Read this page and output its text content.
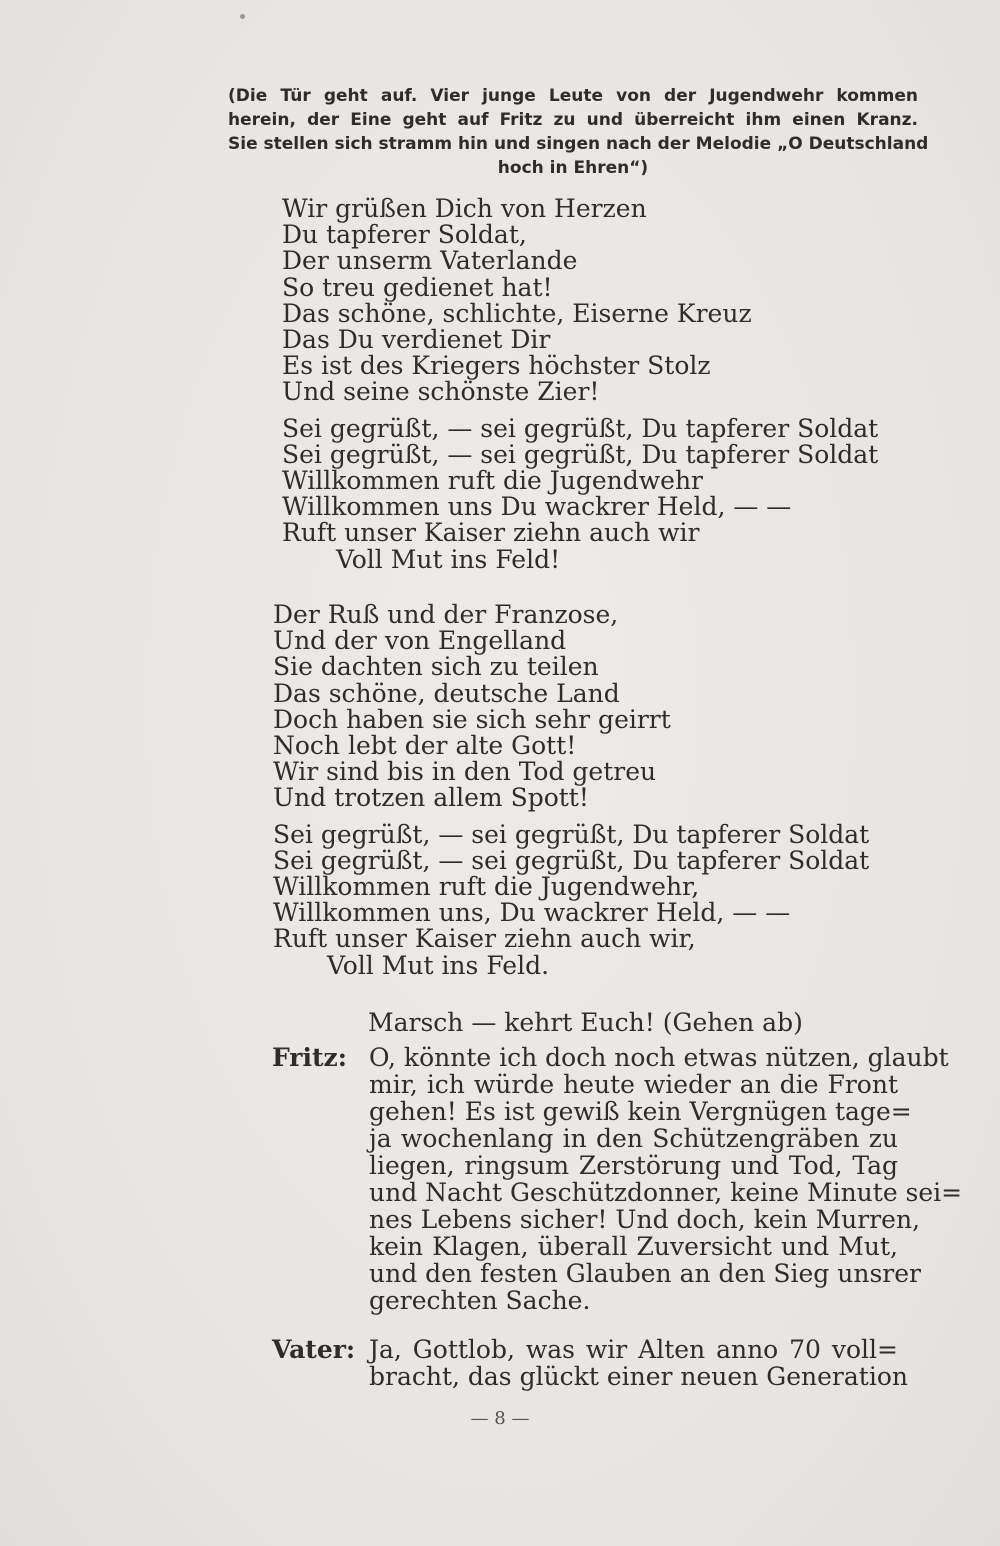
(Die Tür geht auf. Vier junge Leute von der Jugendwehr kommen
herein, der Eine geht auf Fritz zu und überreicht ihm einen Kranz.
Sie stellen sich stramm hin und singen nach der Melodie „O Deutschland
hoch in Ehren“)
Wir grüßen Dich von Herzen
Du tapferer Soldat,
Der unserm Vaterlande
So treu gedienet hat!
Das schöne, schlichte, Eiserne Kreuz
Das Du verdienet Dir
Es ist des Kriegers höchster Stolz
Und seine schönste Zier!
Sei gegrüßt, — sei gegrüßt, Du tapferer Soldat
Sei gegrüßt, — sei gegrüßt, Du tapferer Soldat
Willkommen ruft die Jugendwehr
Willkommen uns Du wackrer Held, — —
Ruft unser Kaiser ziehn auch wir
Voll Mut ins Feld!
Der Ruß und der Franzose,
Und der von Engelland
Sie dachten sich zu teilen
Das schöne, deutsche Land
Doch haben sie sich sehr geirrt
Noch lebt der alte Gott!
Wir sind bis in den Tod getreu
Und trotzen allem Spott!
Sei gegrüßt, — sei gegrüßt, Du tapferer Soldat
Sei gegrüßt, — sei gegrüßt, Du tapferer Soldat
Willkommen ruft die Jugendwehr,
Willkommen uns, Du wackrer Held, — —
Ruft unser Kaiser ziehn auch wir,
Voll Mut ins Feld.
Marsch — kehrt Euch! (Gehen ab)
Fritz: O, könnte ich doch noch etwas nützen, glaubt
mir, ich würde heute wieder an die Front
gehen! Es ist gewiß kein Vergnügen tage=
ja wochenlang in den Schützengräben zu
liegen, ringsum Zerstörung und Tod, Tag
und Nacht Geschützdonner, keine Minute sei=
nes Lebens sicher! Und doch, kein Murren,
kein Klagen, überall Zuversicht und Mut,
und den festen Glauben an den Sieg unsrer
gerechten Sache.
Vater: Ja, Gottlob, was wir Alten anno 70 voll=
bracht, das glückt einer neuen Generation
— 8 —
